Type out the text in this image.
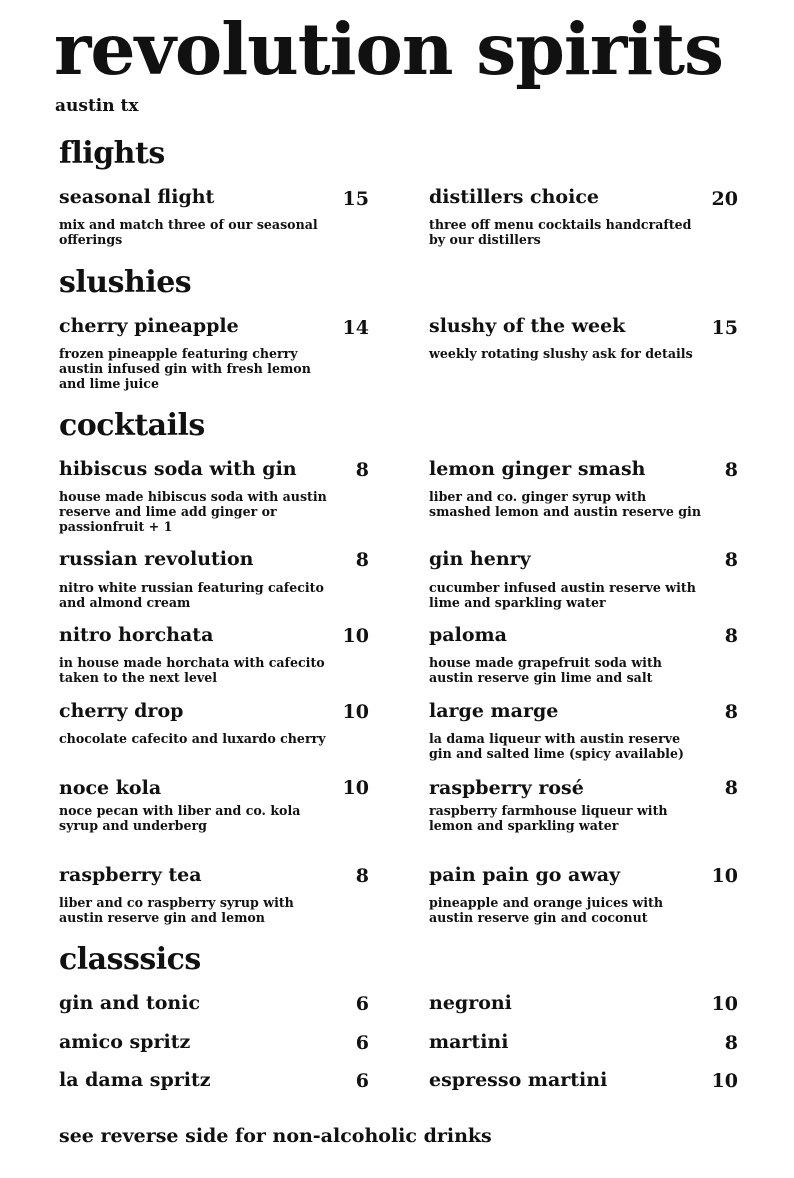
revolution spirits
austin tx
flights
seasonal flight	15
mix and match three of our seasonal offerings
distillers choice	20
three off menu cocktails handcrafted by our distillers
slushies
cherry pineapple	14
frozen pineapple featuring cherry austin infused gin with fresh lemon and lime juice
slushy of the week	15
weekly rotating slushy ask for details
cocktails
hibiscus soda with gin	8
house made hibiscus soda with austin reserve and lime add ginger or passionfruit + 1
lemon ginger smash	8
liber and co. ginger syrup with smashed lemon and austin reserve gin
russian revolution	8
nitro white russian featuring cafecito and almond cream
gin henry	8
cucumber infused austin reserve with lime and sparkling water
nitro horchata	10
in house made horchata with cafecito taken to the next level
paloma	8
house made grapefruit soda with austin reserve gin lime and salt
cherry drop	10
chocolate cafecito and luxardo cherry
large marge	8
la dama liqueur with austin reserve gin and salted lime (spicy available)
noce kola	10
noce pecan with liber and co. kola syrup and underberg
raspberry rosé	8
raspberry farmhouse liqueur with lemon and sparkling water
raspberry tea	8
liber and co raspberry syrup with austin reserve gin and lemon
pain pain go away	10
pineapple and orange juices with austin reserve gin and coconut
classsics
gin and tonic	6	negroni	10
amico spritz	6	martini	8
la dama spritz	6	espresso martini	10
see reverse side for non-alcoholic drinks
